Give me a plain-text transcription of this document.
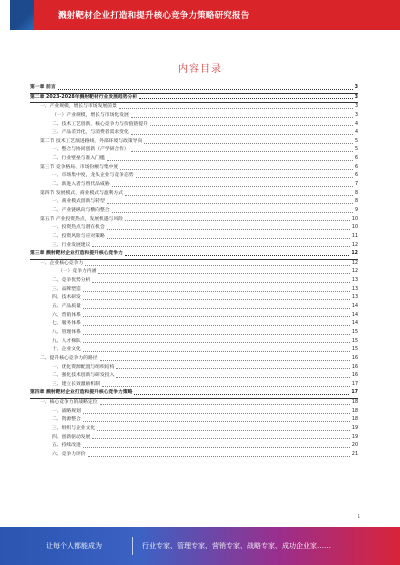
溅射靶材企业打造和提升核心竞争力策略研究报告
内容目录
第一章 前言	3
第二章 2023-2028年溅射靶材行业发展趋势分析	3
一、产业规模，增长与市场发展前景	3
（一）产业规模，增长与市场化发展	3
二、技术工艺创新，核心竞争力与价值链提升	4
三、产品差异化，与消费者需求变化	4
第二节 技术工艺演进路线，外部环境与政策导向	5
一、整合与协同创新（产学研合作）	5
二、行业壁垒与准入门槛	6
第三节 竞争格局、市场份额与集中度	6
一、市场集中度，龙头企业与竞争态势	6
二、新进入者与替代品威胁	7
第四节 发展模式、商业模式与盈利方式	8
一、商业模式创新与转型	8
二、产业链纵向与横向整合	9
第五节 产业投资热点，发展机遇与风险	10
一、投资热点与潜在机会	10
二、投资风险与应对策略	11
三、行业发展建议	12
第三章 溅射靶材企业打造和提升核心竞争力	12
一、企业核心竞争力	12
（一）竞争力内涵	12
二、竞争优势分析	13
三、品牌塑造	13
四、技术研发	13
五、产品质量	14
六、营销体系	14
七、服务体系	14
八、管理体系	15
九、人才梯队	15
十、企业文化	15
二、提升核心竞争力的路径	16
一、优化资源配置与组织结构	16
二、强化技术创新与研发投入	16
三、建立长效激励机制	17
第四章 溅射靶材企业打造和提升核心竞争力策略	17
一、核心竞争力的战略定位	18
一、战略规划	18
二、资源整合	18
三、组织与企业文化	19
四、创新驱动发展	19
五、持续改进	20
六、竞争力评价	21
1
让每个人都能成为	行业专家、管理专家、营销专家、战略专家、成功企业家……
